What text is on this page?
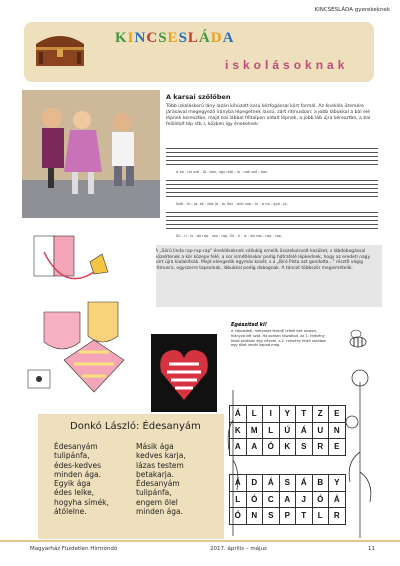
KINCSESLÁDA gyerekeknek
KINCSESLÁDA
iskolásoknak
A karsai szőlőben
Több iskoláskorú lány lazán kihúzott karú kézfogással kört formál. Az éneklés ütemére járásával megegyező irányba lépegetnek lassú, zárt ritmusban: a jobb lábukkal a bal elé lépnek keresztbe, majd bal lábbal féltalpon oldalt lépnek, a jobb láb újra keresztbe, a bal felöldalt lép stb.), közben így énekelnek:
A ka - rai sző - lő - ben, úgy mál - lo - nak szé - ban
Szél - fú - ja, kö - dös já - ja, Bar - mól nap - hí - a na - gyá - ja,
Sü - ri - is - da rap - rap - rap, Sü - ri - is - da rap - rap - rap,
A „Sörü linda rap-rap-rap" énekléseknek vállukig emelik összekulcsolt kezüket, s lábdobogással közelítenek a kör közepe felé, a sor ismétlésekor pedig hátrafelé lépkednek, hogy az eredeti nagy kört újra kialakítsák. Majd elengedik egymás kezét, s a „Bíró Pista azt gondolta..." részt0 végig ritmusra, egyszerre tapsolnak, lábukkal pedig dobognak. A táncot többször megismételik.
Egészítsd ki!
A népdalból, melyeket fentről lefelé kell olvasni, hiányzó két szót. Ha sorban kiszáltod, az 1. rejtvény felső sorában egy névvel, a 2. rejtvény felső sorában egy állat nevét kapod meg.
Á	L	I	Y	T	Z	E
K	M	L	Ú	Á	U	N
A	A	Ó	K	S	R	E
Á	D	Á	S	Á	B	Y
L	Ó	C	A	J	Ó	Á
Ó	N	S	P	T	L	R
Donkó László: Édesanyám
Édesanyám
tulipánfa,
édes-kedves
minden ága.
Egyik ága
édes lelke,
hogyha símék,
átölelne.
Másik ága
kedves karja,
lázas testem
betakarja.
Édesanyám
tulipánfa,
engem ölel
minden ága.
Magyarház Füzdetlen Hírmondó	2017. április – május	11
